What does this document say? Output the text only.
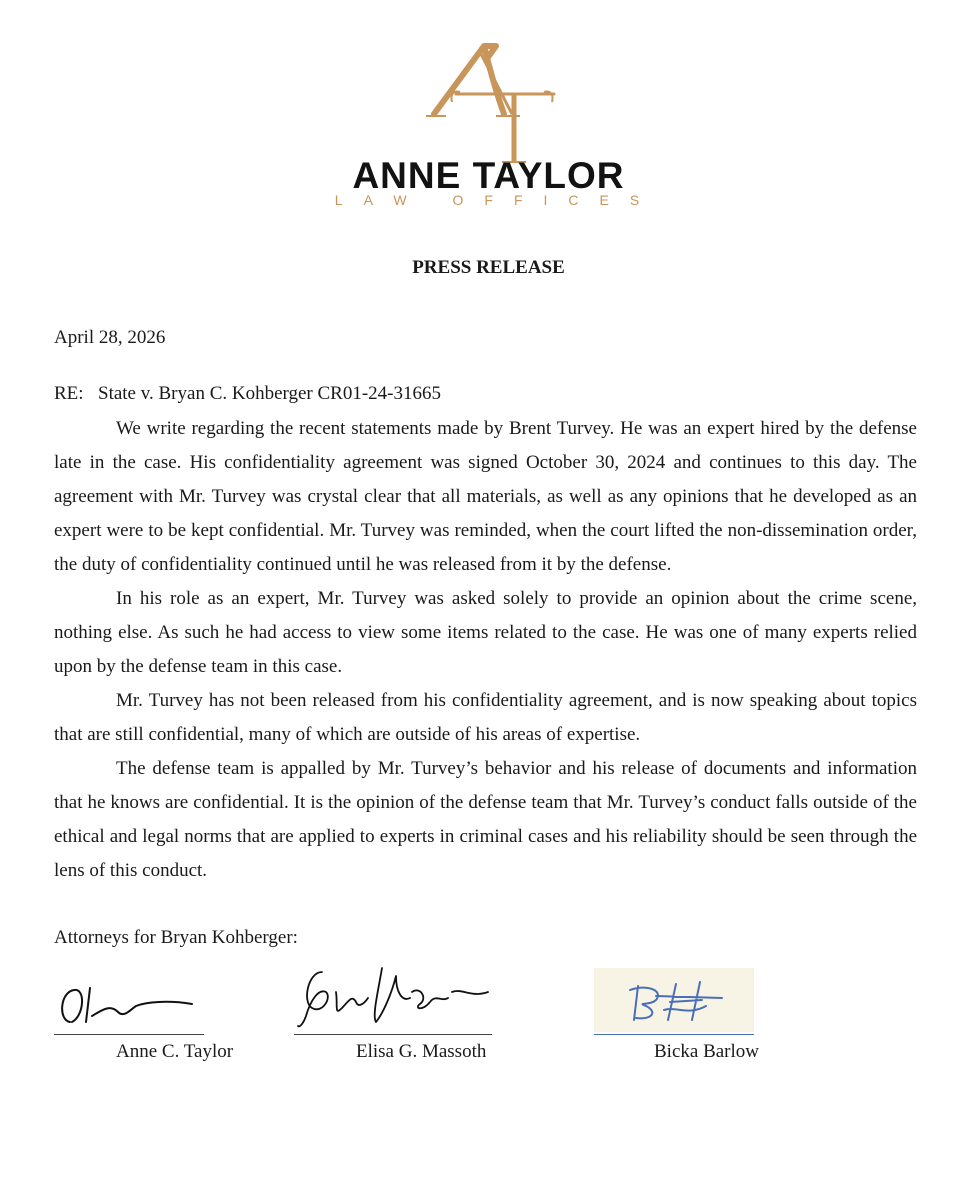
ANNE TAYLOR
LAW OFFICES
PRESS RELEASE
April 28, 2026
RE: State v. Bryan C. Kohberger CR01-24-31665

We write regarding the recent statements made by Brent Turvey. He was an expert hired by the defense late in the case. His confidentiality agreement was signed October 30, 2024 and continues to this day. The agreement with Mr. Turvey was crystal clear that all materials, as well as any opinions that he developed as an expert were to be kept confidential. Mr. Turvey was reminded, when the court lifted the non-dissemination order, the duty of confidentiality continued until he was released from it by the defense.

In his role as an expert, Mr. Turvey was asked solely to provide an opinion about the crime scene, nothing else. As such he had access to view some items related to the case. He was one of many experts relied upon by the defense team in this case.

Mr. Turvey has not been released from his confidentiality agreement, and is now speaking about topics that are still confidential, many of which are outside of his areas of expertise.

The defense team is appalled by Mr. Turvey’s behavior and his release of documents and information that he knows are confidential. It is the opinion of the defense team that Mr. Turvey’s conduct falls outside of the ethical and legal norms that are applied to experts in criminal cases and his reliability should be seen through the lens of this conduct.

Attorneys for Bryan Kohberger:
Anne C. Taylor	Elisa G. Massoth	Bicka Barlow
